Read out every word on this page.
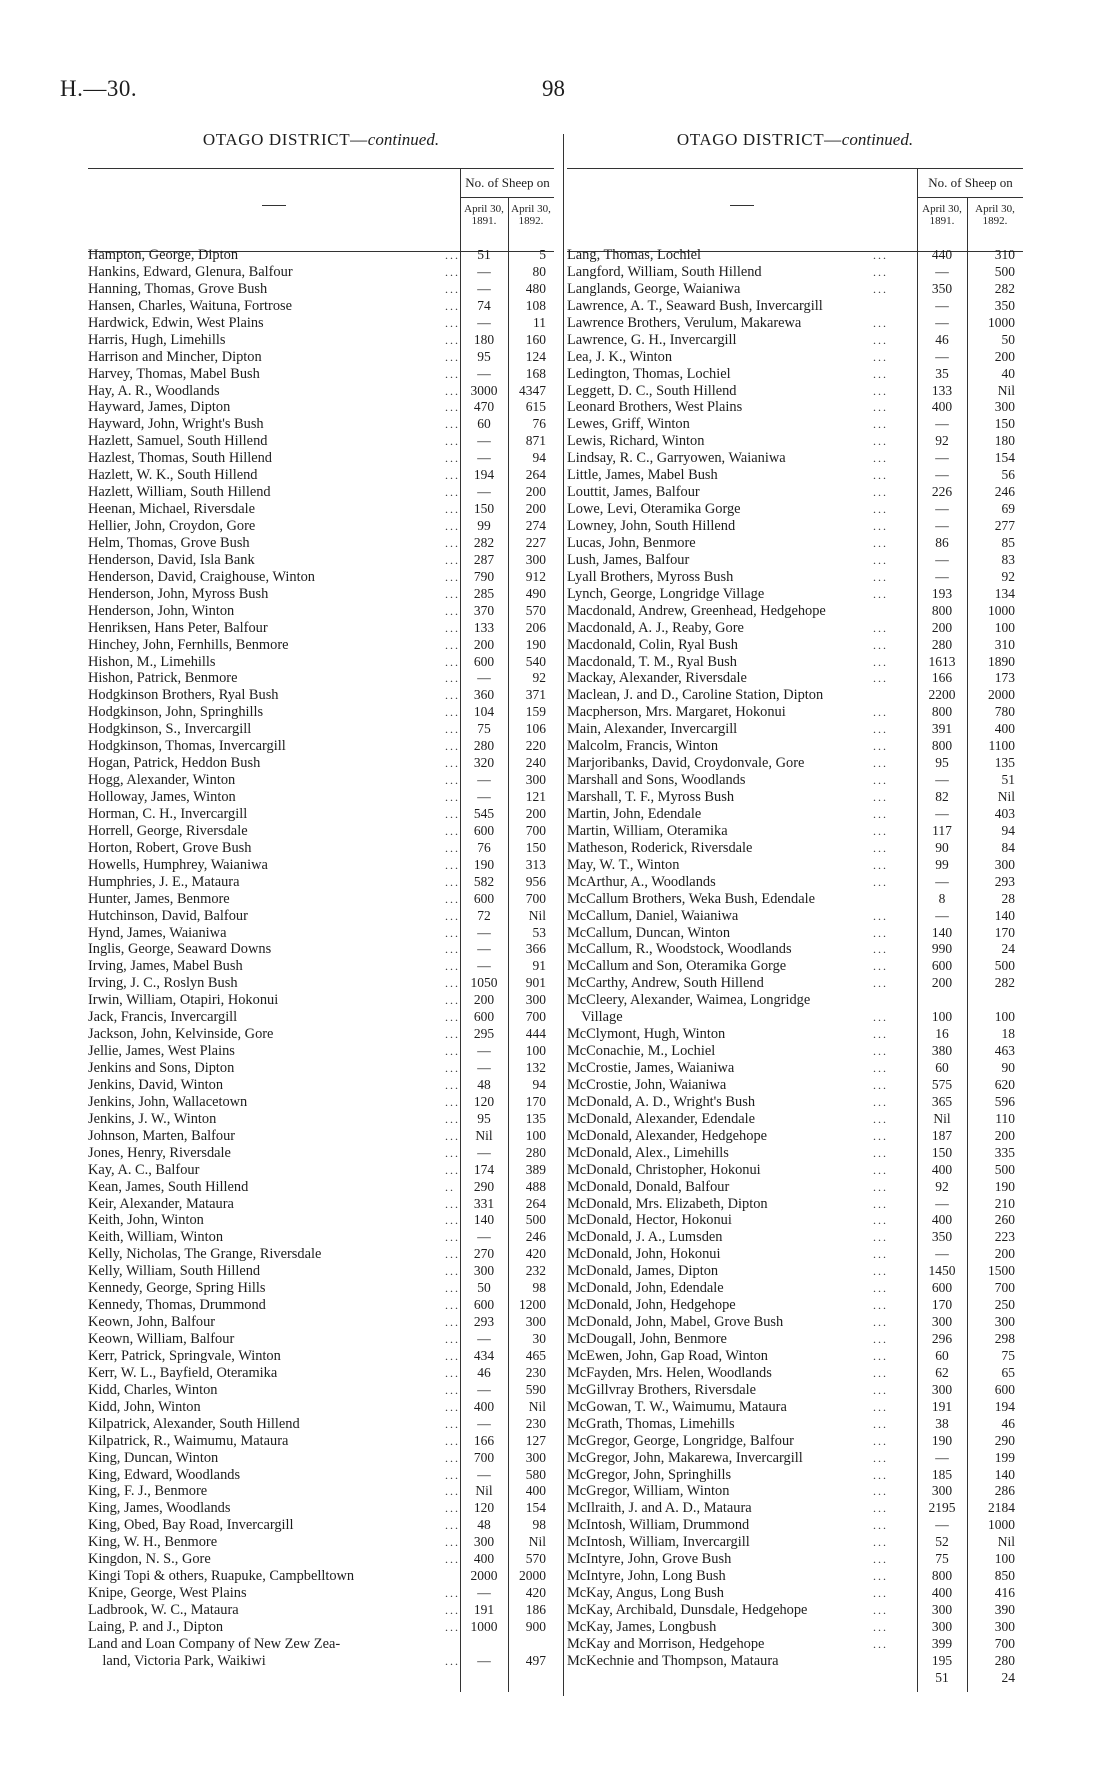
H.—30.	98
OTAGO DISTRICT—continued.
No. of Sheep on
April 30, 1891.
April 30, 1892.
Hampton, George, Dipton	...	51	5
Hankins, Edward, Glenura, Balfour	...	—	80
Hanning, Thomas, Grove Bush	...	—	480
Hansen, Charles, Waituna, Fortrose	...	74	108
Hardwick, Edwin, West Plains	...	—	11
Harris, Hugh, Limehills	...	180	160
Harrison and Mincher, Dipton	...	95	124
Harvey, Thomas, Mabel Bush	...	—	168
Hay, A. R., Woodlands	... 3000	4347
Hayward, James, Dipton	...	470	615
Hayward, John, Wright's Bush	...	60	76
Hazlett, Samuel, South Hillend	...	—	871
Hazlest, Thomas, South Hillend	...	—	94
Hazlett, W. K., South Hillend	...	194	264
Hazlett, William, South Hillend	...	—	200
Heenan, Michael, Riversdale	...	150	200
Hellier, John, Croydon, Gore	...	99	274
Helm, Thomas, Grove Bush	...	282	227
Henderson, David, Isla Bank	...	287	300
Henderson, David, Craighouse, Winton	...	790	912
Henderson, John, Myross Bush	...	285	490
Henderson, John, Winton	...	370	570
Henriksen, Hans Peter, Balfour	...	133	206
Hinchey, John, Fernhills, Benmore	...	200	190
Hishon, M., Limehills	...	600	540
Hishon, Patrick, Benmore	...	—	92
Hodgkinson Brothers, Ryal Bush	...	360	371
Hodgkinson, John, Springhills	...	104	159
Hodgkinson, S., Invercargill	...	75	106
Hodgkinson, Thomas, Invercargill	...	280	220
Hogan, Patrick, Heddon Bush	...	320	240
Hogg, Alexander, Winton	...	—	300
Holloway, James, Winton	...	—	121
Horman, C. H., Invercargill	...	545	200
Horrell, George, Riversdale	...	600	700
Horton, Robert, Grove Bush	...	76	150
Howells, Humphrey, Waianiwa	...	190	313
Humphries, J. E., Mataura	...	582	956
Hunter, James, Benmore	...	600	700
Hutchinson, David, Balfour	...	72	Nil
Hynd, James, Waianiwa	...	—	53
Inglis, George, Seaward Downs	...	—	366
Irving, James, Mabel Bush	...	—	91
Irving, J. C., Roslyn Bush	... 1050	901
Irwin, William, Otapiri, Hokonui	...	200	300
Jack, Francis, Invercargill	...	600	700
Jackson, John, Kelvinside, Gore	...	295	444
Jellie, James, West Plains	...	—	100
Jenkins and Sons, Dipton	...	—	132
Jenkins, David, Winton	...	48	94
Jenkins, John, Wallacetown	...	120	170
Jenkins, J. W., Winton	...	95	135
Johnson, Marten, Balfour	...	Nil	100
Jones, Henry, Riversdale	...	—	280
Kay, A. C., Balfour	...	174	389
Kean, James, South Hillend	..	290	488
Keir, Alexander, Mataura	...	331	264
Keith, John, Winton	...	140	500
Keith, William, Winton	...	—	246
Kelly, Nicholas, The Grange, Riversdale	...	270	420
Kelly, William, South Hillend	...	300	232
Kennedy, George, Spring Hills	...	50	98
Kennedy, Thomas, Drummond	...	600	1200
Keown, John, Balfour	...	293	300
Keown, William, Balfour	...	—	30
Kerr, Patrick, Springvale, Winton	...	434	465
Kerr, W. L., Bayfield, Oteramika	...	46	230
Kidd, Charles, Winton	...	—	590
Kidd, John, Winton	...	400	Nil
Kilpatrick, Alexander, South Hillend	...	—	230
Kilpatrick, R., Waimumu, Mataura	...	166	127
King, Duncan, Winton	...	700	300
King, Edward, Woodlands	...	—	580
King, F. J., Benmore	...	Nil	400
King, James, Woodlands	...	120	154
King, Obed, Bay Road, Invercargill	...	48	98
King, W. H., Benmore	...	300	Nil
Kingdon, N. S., Gore	...	400	570
Kingi Topi & others, Ruapuke, Campbelltown	2000	2000
Knipe, George, West Plains	...	—	420
Ladbrook, W. C., Mataura	...	191	186
Laing, P. and J., Dipton	... 1000	900
Land and Loan Company of New Zew Zea-
land, Victoria Park, Waikiwi	...	—	497
OTAGO DISTRICT—continued.
No. of Sheep on
April 30, 1891.
April 30, 1892.
Lang, Thomas, Lochiel	...	440	310
Langford, William, South Hillend	...	—	500
Langlands, George, Waianiwa	...	350	282
Lawrence, A. T., Seaward Bush, Invercargill	—	350
Lawrence Brothers, Verulum, Makarewa	...	—	1000
Lawrence, G. H., Invercargill	...	46	50
Lea, J. K., Winton	...	—	200
Ledington, Thomas, Lochiel	...	35	40
Leggett, D. C., South Hillend	...	133	Nil
Leonard Brothers, West Plains	...	400	300
Lewes, Griff, Winton	...	—	150
Lewis, Richard, Winton	...	92	180
Lindsay, R. C., Garryowen, Waianiwa	...	—	154
Little, James, Mabel Bush	...	—	56
Louttit, James, Balfour	...	226	246
Lowe, Levi, Oteramika Gorge	...	—	69
Lowney, John, South Hillend	...	—	277
Lucas, John, Benmore	...	86	85
Lush, James, Balfour	...	—	83
Lyall Brothers, Myross Bush	...	—	92
Lynch, George, Longridge Village	...	193	134
Macdonald, Andrew, Greenhead, Hedgehope	800	1000
Macdonald, A. J., Reaby, Gore	...	200	100
Macdonald, Colin, Ryal Bush	...	280	310
Macdonald, T. M., Ryal Bush	...	1613	1890
Mackay, Alexander, Riversdale	...	166	173
Maclean, J. and D., Caroline Station, Dipton	2200	2000
Macpherson, Mrs. Margaret, Hokonui	...	800	780
Main, Alexander, Invercargill	...	391	400
Malcolm, Francis, Winton	...	800	1100
Marjoribanks, David, Croydonvale, Gore	...	95	135
Marshall and Sons, Woodlands	...	—	51
Marshall, T. F., Myross Bush	...	82	Nil
Martin, John, Edendale	...	—	403
Martin, William, Oteramika	...	117	94
Matheson, Roderick, Riversdale	...	90	84
May, W. T., Winton	...	99	300
McArthur, A., Woodlands	...	—	293
McCallum Brothers, Weka Bush, Edendale	8	28
McCallum, Daniel, Waianiwa	...	—	140
McCallum, Duncan, Winton	...	140	170
McCallum, R., Woodstock, Woodlands	...	990	24
McCallum and Son, Oteramika Gorge	...	600	500
McCarthy, Andrew, South Hillend	...	200	282
McCleery, Alexander, Waimea, Longridge
Village	...	100	100
McClymont, Hugh, Winton	...	16	18
McConachie, M., Lochiel	...	380	463
McCrostie, James, Waianiwa	...	60	90
McCrostie, John, Waianiwa	...	575	620
McDonald, A. D., Wright's Bush	...	365	596
McDonald, Alexander, Edendale	...	Nil	110
McDonald, Alexander, Hedgehope	...	187	200
McDonald, Alex., Limehills	...	150	335
McDonald, Christopher, Hokonui	...	400	500
McDonald, Donald, Balfour	...	92	190
McDonald, Mrs. Elizabeth, Dipton	...	—	210
McDonald, Hector, Hokonui	...	400	260
McDonald, J. A., Lumsden	...	350	223
McDonald, John, Hokonui	...	—	200
McDonald, James, Dipton	...	1450	1500
McDonald, John, Edendale	...	600	700
McDonald, John, Hedgehope	...	170	250
McDonald, John, Mabel, Grove Bush	...	300	300
McDougall, John, Benmore	...	296	298
McEwen, John, Gap Road, Winton	...	60	75
McFayden, Mrs. Helen, Woodlands	...	62	65
McGillvray Brothers, Riversdale	...	300	600
McGowan, T. W., Waimumu, Mataura	...	191	194
McGrath, Thomas, Limehills	...	38	46
McGregor, George, Longridge, Balfour	...	190	290
McGregor, John, Makarewa, Invercargill	...	—	199
McGregor, John, Springhills	...	185	140
McGregor, William, Winton	...	300	286
McIlraith, J. and A. D., Mataura	...	2195	2184
McIntosh, William, Drummond	...	—	1000
McIntosh, William, Invercargill	...	52	Nil
McIntyre, John, Grove Bush	...	75	100
McIntyre, John, Long Bush	...	800	850
McKay, Angus, Long Bush	...	400	416
McKay, Archibald, Dunsdale, Hedgehope	...	300	390
McKay, James, Longbush	...	300	300
McKay and Morrison, Hedgehope	...	399	700
McKechnie and Thompson, Mataura	195	280
51	24
